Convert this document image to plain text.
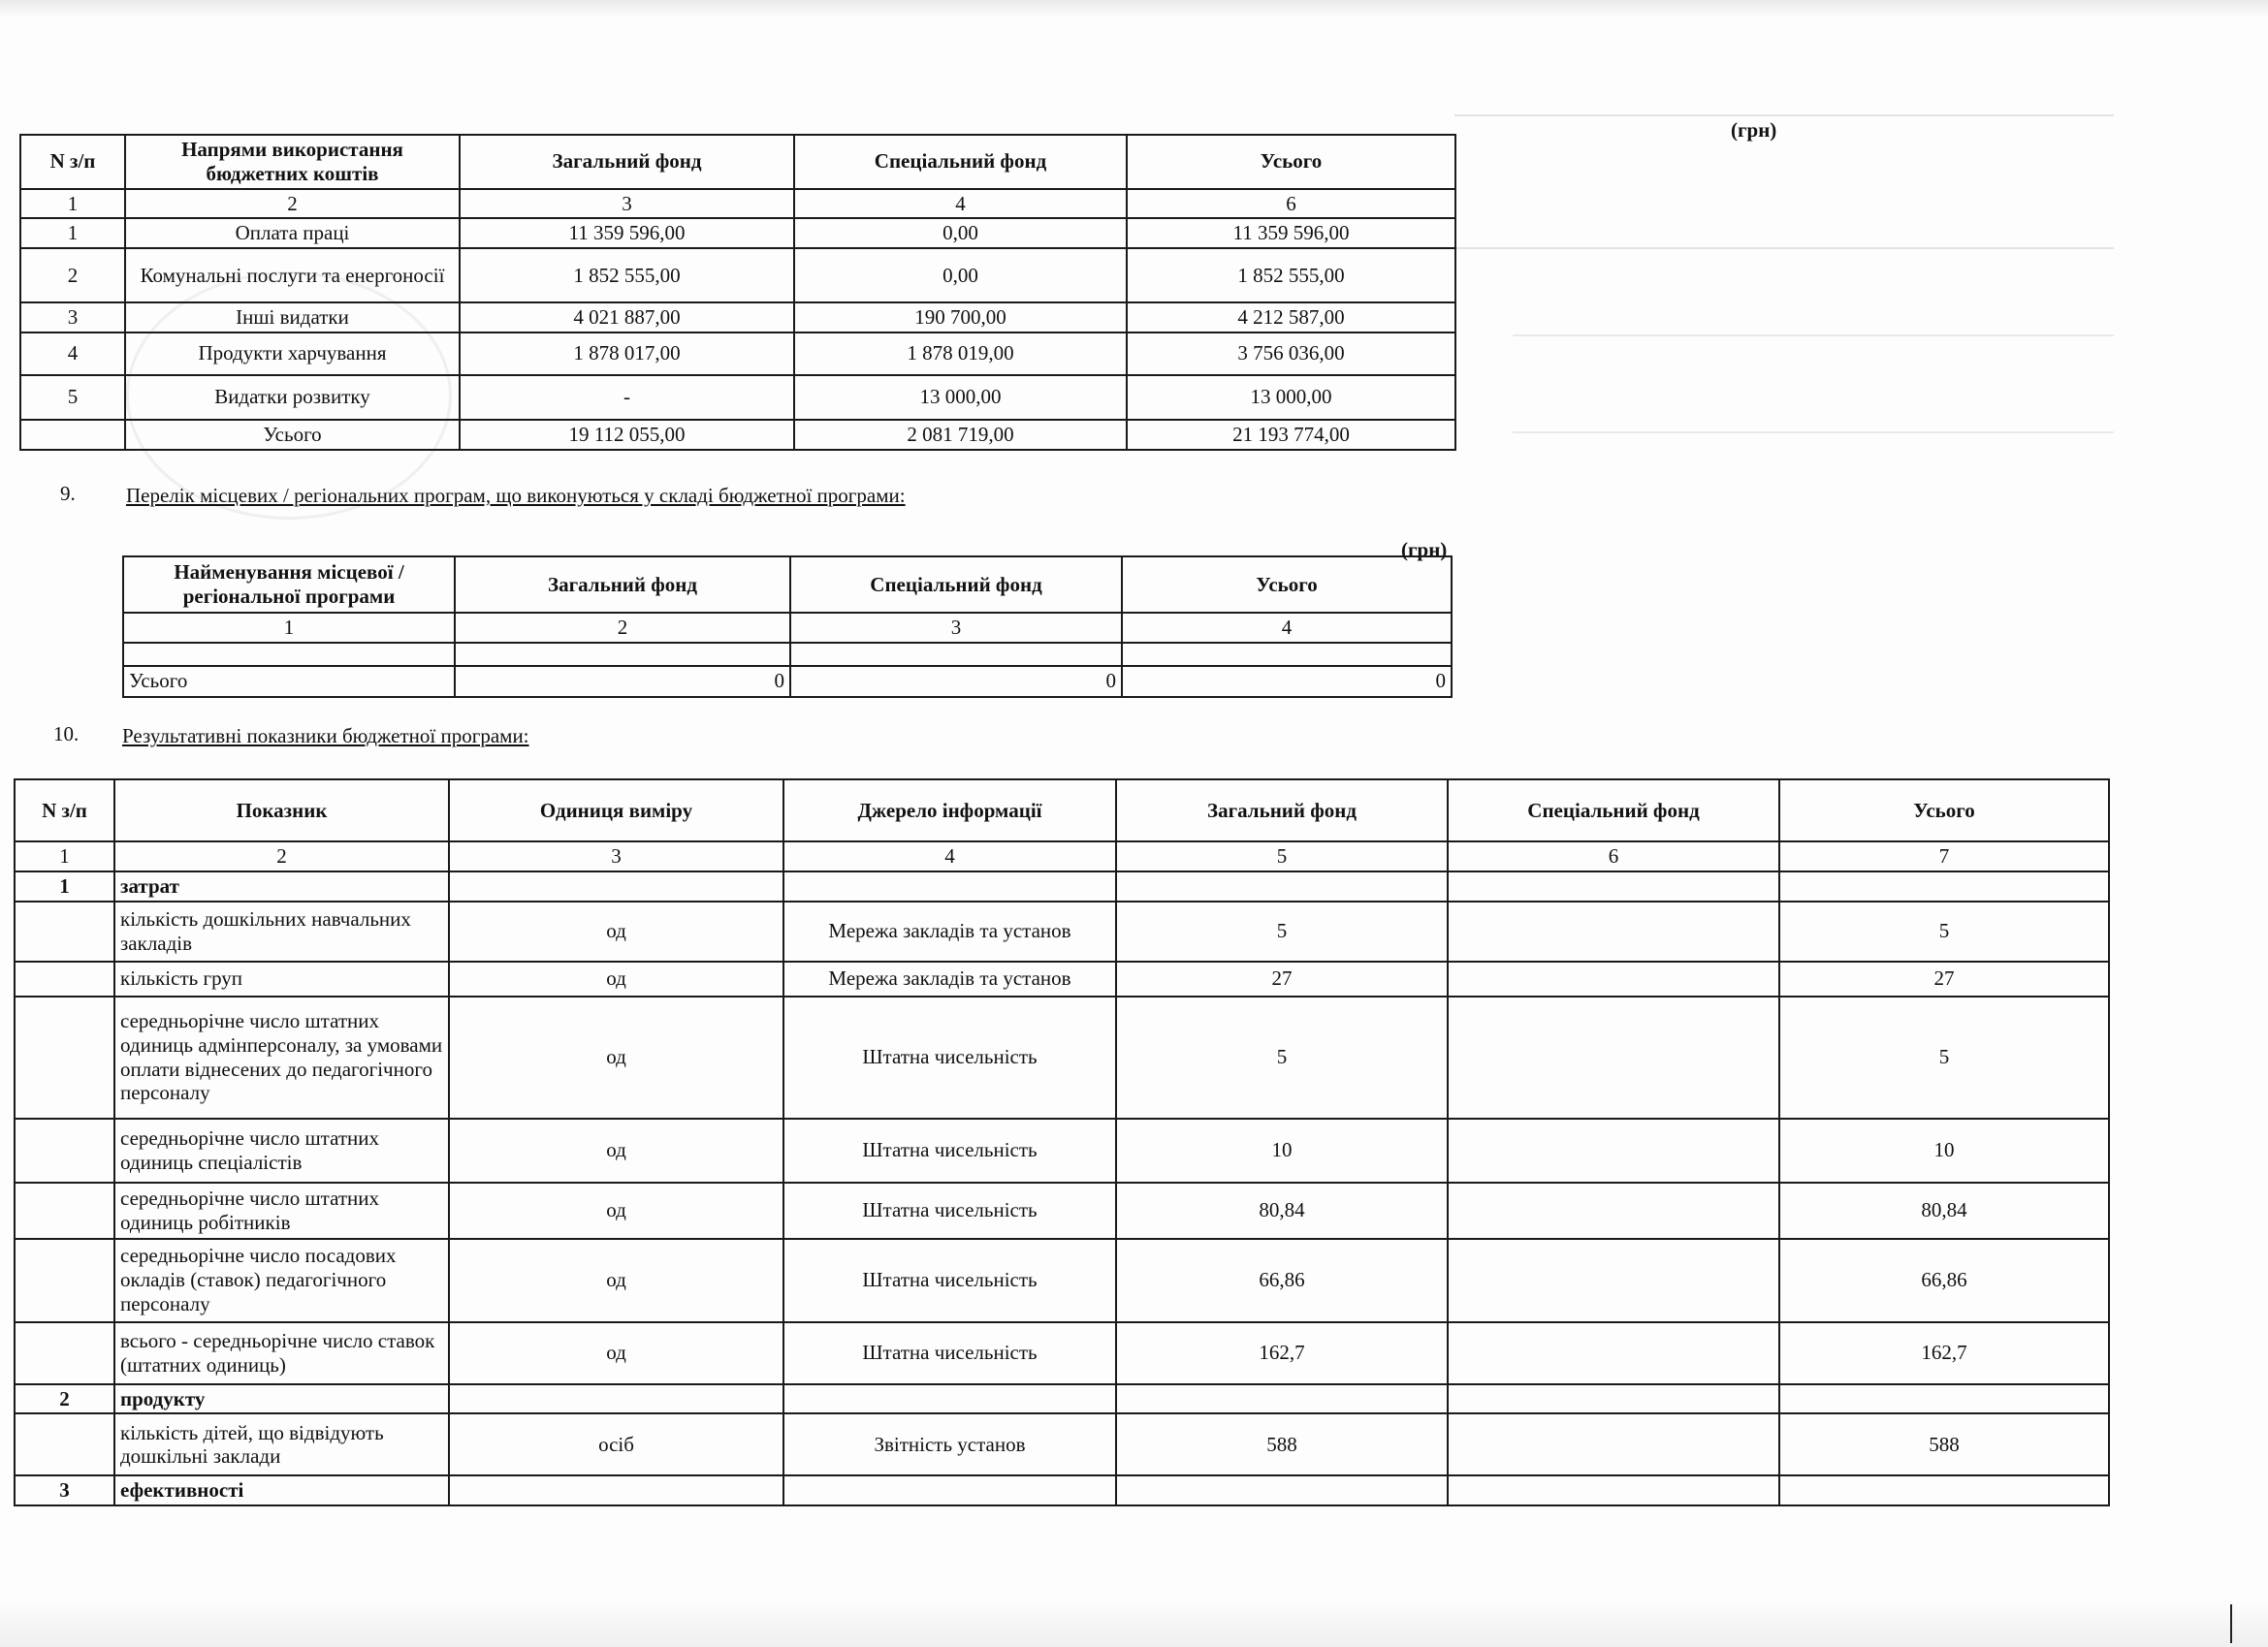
(грн)
N з/п	Напрями використання бюджетних коштів	Загальний фонд	Спеціальний фонд	Усього
1	2	3	4	6
1	Оплата праці	11 359 596,00	0,00	11 359 596,00
2	Комунальні послуги та енергоносії	1 852 555,00	0,00	1 852 555,00
3	Інші видатки	4 021 887,00	190 700,00	4 212 587,00
4	Продукти харчування	1 878 017,00	1 878 019,00	3 756 036,00
5	Видатки розвитку	-	13 000,00	13 000,00
	Усього	19 112 055,00	2 081 719,00	21 193 774,00
9. Перелік місцевих / регіональних програм, що виконуються у складі бюджетної програми:
(грн)
Найменування місцевої / регіональної програми	Загальний фонд	Спеціальний фонд	Усього
1	2	3	4

Усього	0	0	0
10. Результативні показники бюджетної програми:
N з/п	Показник	Одиниця виміру	Джерело інформації	Загальний фонд	Спеціальний фонд	Усього
1	2	3	4	5	6	7
1	затрат					
	кількість дошкільних навчальних закладів	од	Мережа закладів та установ	5		5
	кількість груп	од	Мережа закладів та установ	27		27
	середньорічне число штатних одиниць адмінперсоналу, за умовами оплати віднесених до педагогічного персоналу	од	Штатна чисельність	5		5
	середньорічне число штатних одиниць спеціалістів	од	Штатна чисельність	10		10
	середньорічне число штатних одиниць робітників	од	Штатна чисельність	80,84		80,84
	середньорічне число посадових окладів (ставок) педагогічного персоналу	од	Штатна чисельність	66,86		66,86
	всього - середньорічне число ставок (штатних одиниць)	од	Штатна чисельність	162,7		162,7
2	продукту					
	кількість дітей, що відвідують дошкільні заклади	осіб	Звітність установ	588		588
3	ефективності					
